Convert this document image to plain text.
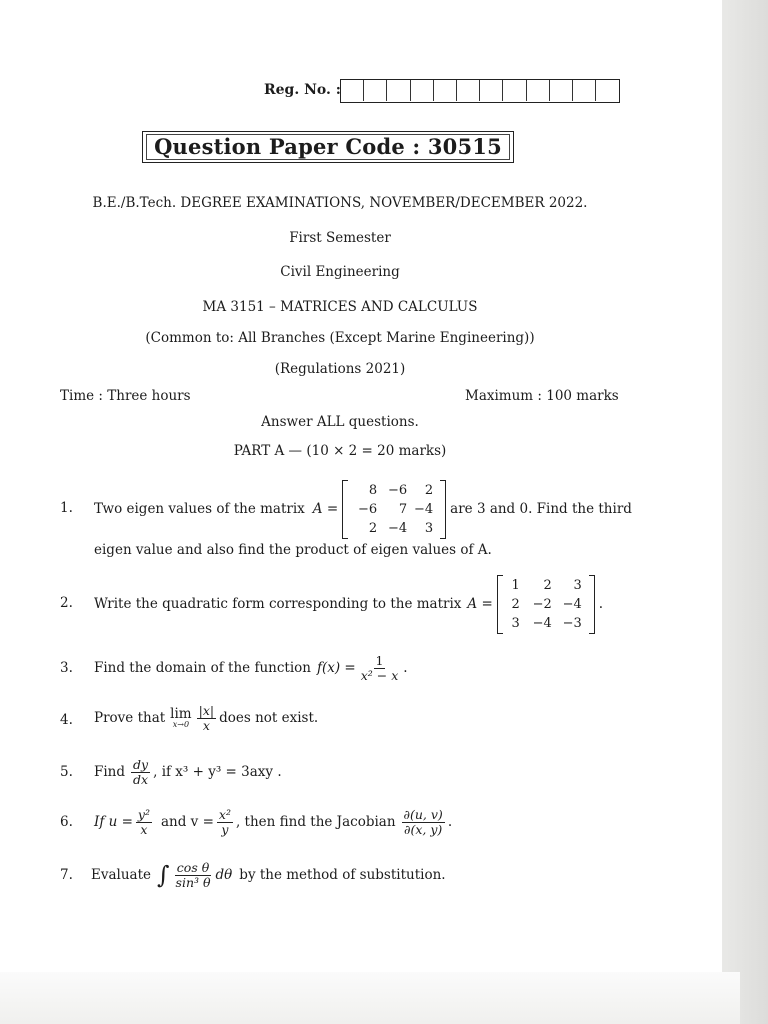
Reg. No. :
Question Paper Code : 30515
B.E./B.Tech. DEGREE EXAMINATIONS, NOVEMBER/DECEMBER 2022.
First Semester
Civil Engineering
MA 3151 – MATRICES AND CALCULUS
(Common to: All Branches (Except Marine Engineering))
(Regulations 2021)
Time : Three hours	Maximum : 100 marks
Answer ALL questions.
PART A — (10 × 2 = 20 marks)
1. Two eigen values of the matrix A =
8 −6	2
−6	7 −4
2 −4	3
are 3 and 0. Find the third
eigen value and also find the product of eigen values of A.
2. Write the quadratic form corresponding to the matrix A =
1	2	3
2 −2 −4
3 −4 −3
.
3. Find the domain of the function $f(x) = \frac{1}{\text{x² − x}}$ .
4. Prove that lim
$x\to 0 \frac{|x|}{x}$ does not exist.
5. Find $\frac{dy}{dx}$ , if x³ + y³ = 3axy .
6. If $u = \frac{\text{y²}}{x}$ and $v = \frac{\text{x²}}{y}$ , then find the Jacobian $\frac{\partial(u, v)}{\partial(x, y)}$ .
7. Evaluate ∫ $\frac{\text{cos θ}}{\text{sin³ θ}}$ dθ by the method of substitution.
